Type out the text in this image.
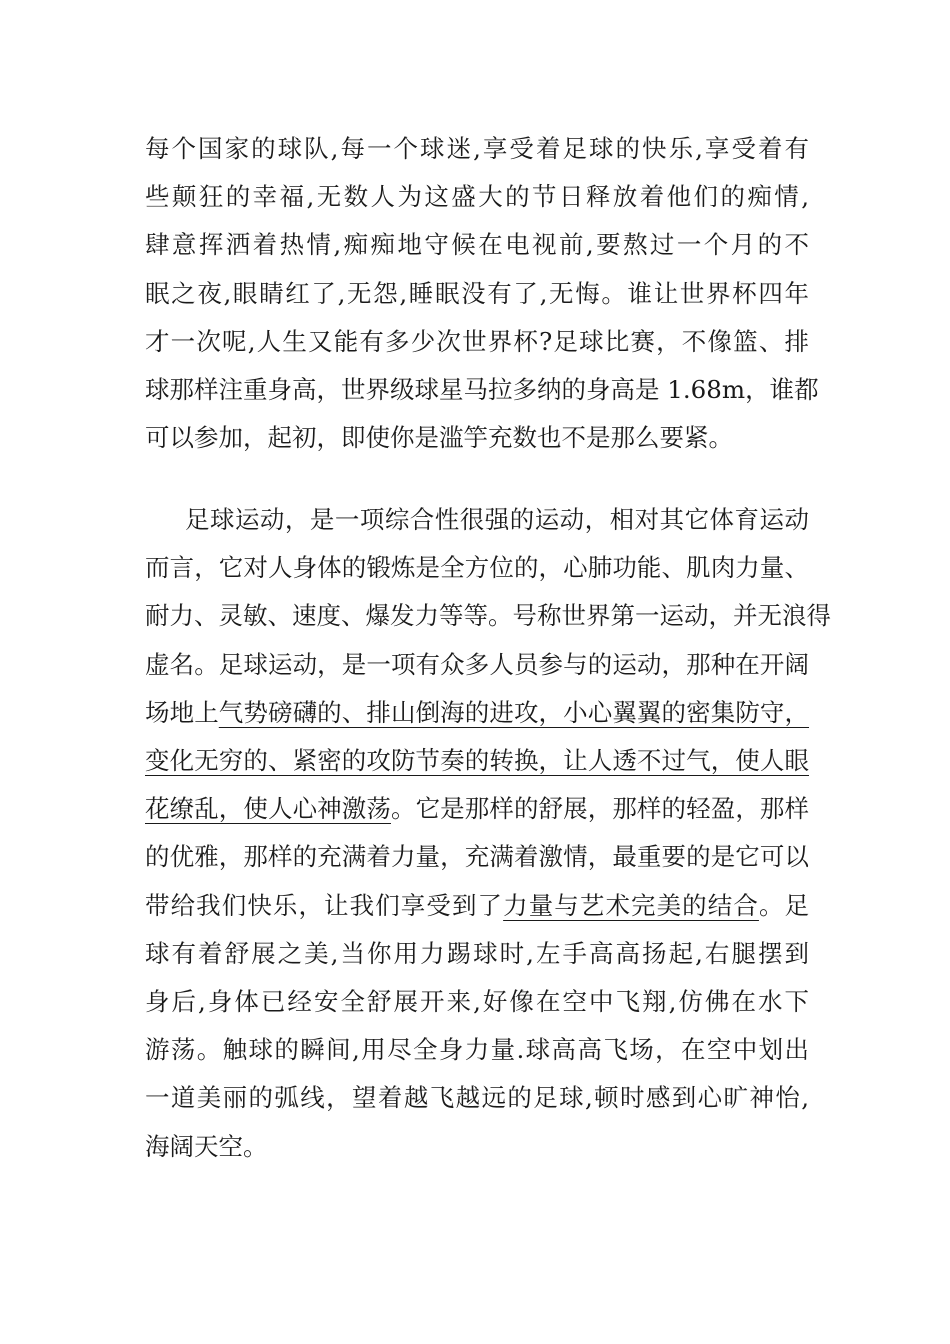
每个国家的球队,每一个球迷,享受着足球的快乐,享受着有
些颠狂的幸福,无数人为这盛大的节日释放着他们的痴情,
肆意挥洒着热情,痴痴地守候在电视前,要熬过一个月的不
眠之夜,眼睛红了,无怨,睡眠没有了,无悔。谁让世界杯四年
才一次呢,人生又能有多少次世界杯?足球比赛，不像篮、排
球那样注重身高，世界级球星马拉多纳的身高是 1.68m，谁都
可以参加，起初，即使你是滥竽充数也不是那么要紧。
足球运动，是一项综合性很强的运动，相对其它体育运动
而言，它对人身体的锻炼是全方位的，心肺功能、肌肉力量、
耐力、灵敏、速度、爆发力等等。号称世界第一运动，并无浪得
虚名。足球运动，是一项有众多人员参与的运动，那种在开阔
场地上气势磅礴的、排山倒海的进攻，小心翼翼的密集防守，
变化无穷的、紧密的攻防节奏的转换，让人透不过气，使人眼
花缭乱，使人心神激荡。它是那样的舒展，那样的轻盈，那样
的优雅，那样的充满着力量，充满着激情，最重要的是它可以
带给我们快乐，让我们享受到了力量与艺术完美的结合。足
球有着舒展之美,当你用力踢球时,左手高高扬起,右腿摆到
身后,身体已经安全舒展开来,好像在空中飞翔,仿佛在水下
游荡。触球的瞬间,用尽全身力量.球高高飞场，在空中划出
一道美丽的弧线，望着越飞越远的足球,顿时感到心旷神怡,
海阔天空。
